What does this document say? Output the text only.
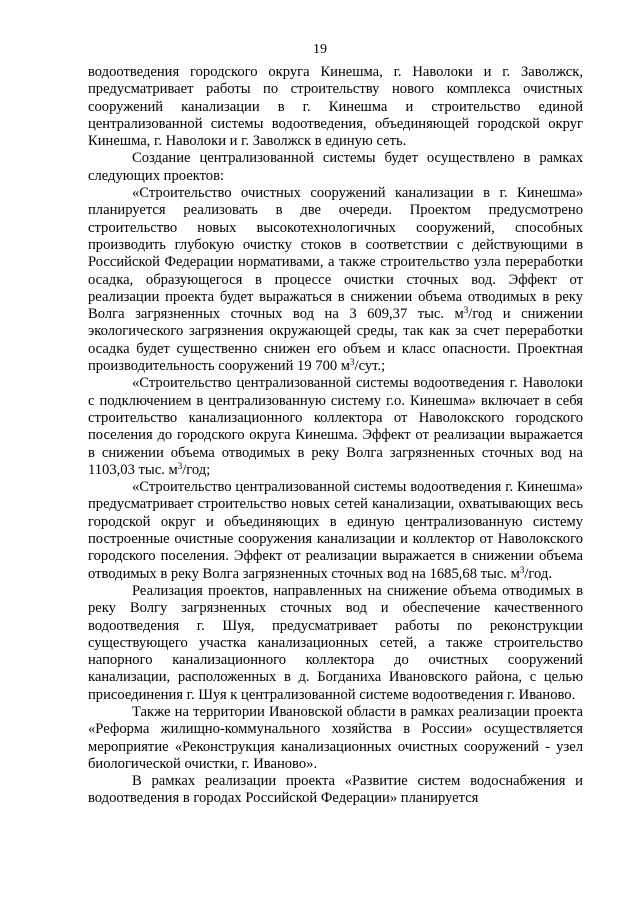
19

водоотведения городского округа Кинешма, г. Наволоки и г. Заволжск, предусматривает работы по строительству нового комплекса очистных сооружений канализации в г. Кинешма и строительство единой централизованной системы водоотведения, объединяющей городской округ Кинешма, г. Наволоки и г. Заволжск в единую сеть.

Создание централизованной системы будет осуществлено в рамках следующих проектов:

«Строительство очистных сооружений канализации в г. Кинешма» планируется реализовать в две очереди. Проектом предусмотрено строительство новых высокотехнологичных сооружений, способных производить глубокую очистку стоков в соответствии с действующими в Российской Федерации нормативами, а также строительство узла переработки осадка, образующегося в процессе очистки сточных вод. Эффект от реализации проекта будет выражаться в снижении объема отводимых в реку Волга загрязненных сточных вод на 3 609,37 тыс. $м^3$/год и снижении экологического загрязнения окружающей среды, так как за счет переработки осадка будет существенно снижен его объем и класс опасности. Проектная производительность сооружений 19 700 $м^3$/сут.;

«Строительство централизованной системы водоотведения г. Наволоки с подключением в централизованную систему г.о. Кинешма» включает в себя строительство канализационного коллектора от Наволокского городского поселения до городского округа Кинешма. Эффект от реализации выражается в снижении объема отводимых в реку Волга загрязненных сточных вод на 1103,03 тыс. $м^3$/год;

«Строительство централизованной системы водоотведения г. Кинешма» предусматривает строительство новых сетей канализации, охватывающих весь городской округ и объединяющих в единую централизованную систему построенные очистные сооружения канализации и коллектор от Наволокского городского поселения. Эффект от реализации выражается в снижении объема отводимых в реку Волга загрязненных сточных вод на 1685,68 тыс. $м^3$/год.

Реализация проектов, направленных на снижение объема отводимых в реку Волгу загрязненных сточных вод и обеспечение качественного водоотведения г. Шуя, предусматривает работы по реконструкции существующего участка канализационных сетей, а также строительство напорного канализационного коллектора до очистных сооружений канализации, расположенных в д. Богданиха Ивановского района, с целью присоединения г. Шуя к централизованной системе водоотведения г. Иваново.

Также на территории Ивановской области в рамках реализации проекта «Реформа жилищно-коммунального хозяйства в России» осуществляется мероприятие «Реконструкция канализационных очистных сооружений - узел биологической очистки, г. Иваново».

В рамках реализации проекта «Развитие систем водоснабжения и водоотведения в городах Российской Федерации» планируется
